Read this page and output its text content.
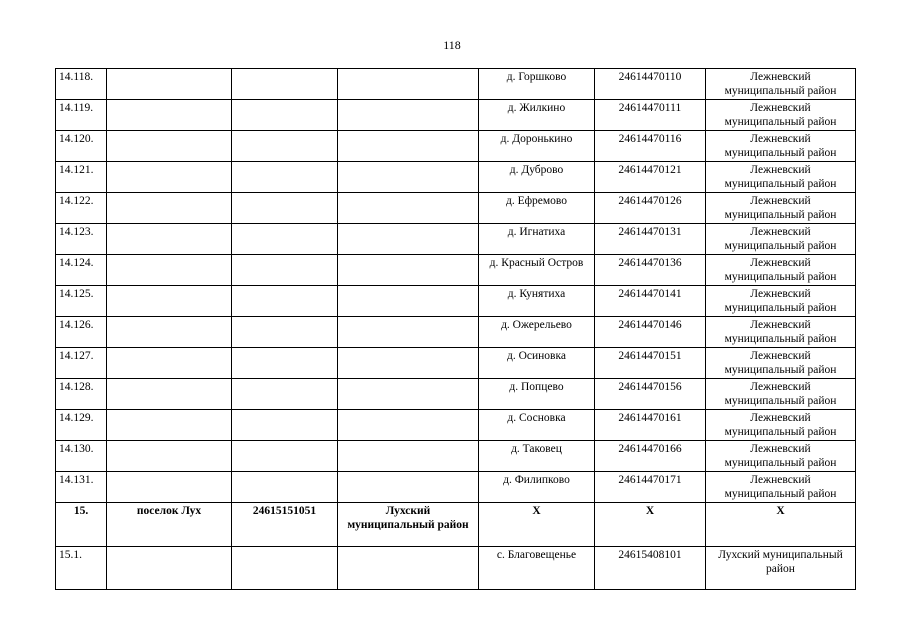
118
14.118.				д. Горшково	24614470110	Лежневский муниципальный район
14.119.				д. Жилкино	24614470111	Лежневский муниципальный район
14.120.				д. Доронькино	24614470116	Лежневский муниципальный район
14.121.				д. Дуброво	24614470121	Лежневский муниципальный район
14.122.				д. Ефремово	24614470126	Лежневский муниципальный район
14.123.				д. Игнатиха	24614470131	Лежневский муниципальный район
14.124.				д. Красный Остров	24614470136	Лежневский муниципальный район
14.125.				д. Кунятиха	24614470141	Лежневский муниципальный район
14.126.				д. Ожерельево	24614470146	Лежневский муниципальный район
14.127.				д. Осиновка	24614470151	Лежневский муниципальный район
14.128.				д. Попцево	24614470156	Лежневский муниципальный район
14.129.				д. Сосновка	24614470161	Лежневский муниципальный район
14.130.				д. Таковец	24614470166	Лежневский муниципальный район
14.131.				д. Филипково	24614470171	Лежневский муниципальный район
15.	поселок Лух	24615151051	Лухский муниципальный район	X	X	X
15.1.				с. Благовещенье	24615408101	Лухский муниципальный район
